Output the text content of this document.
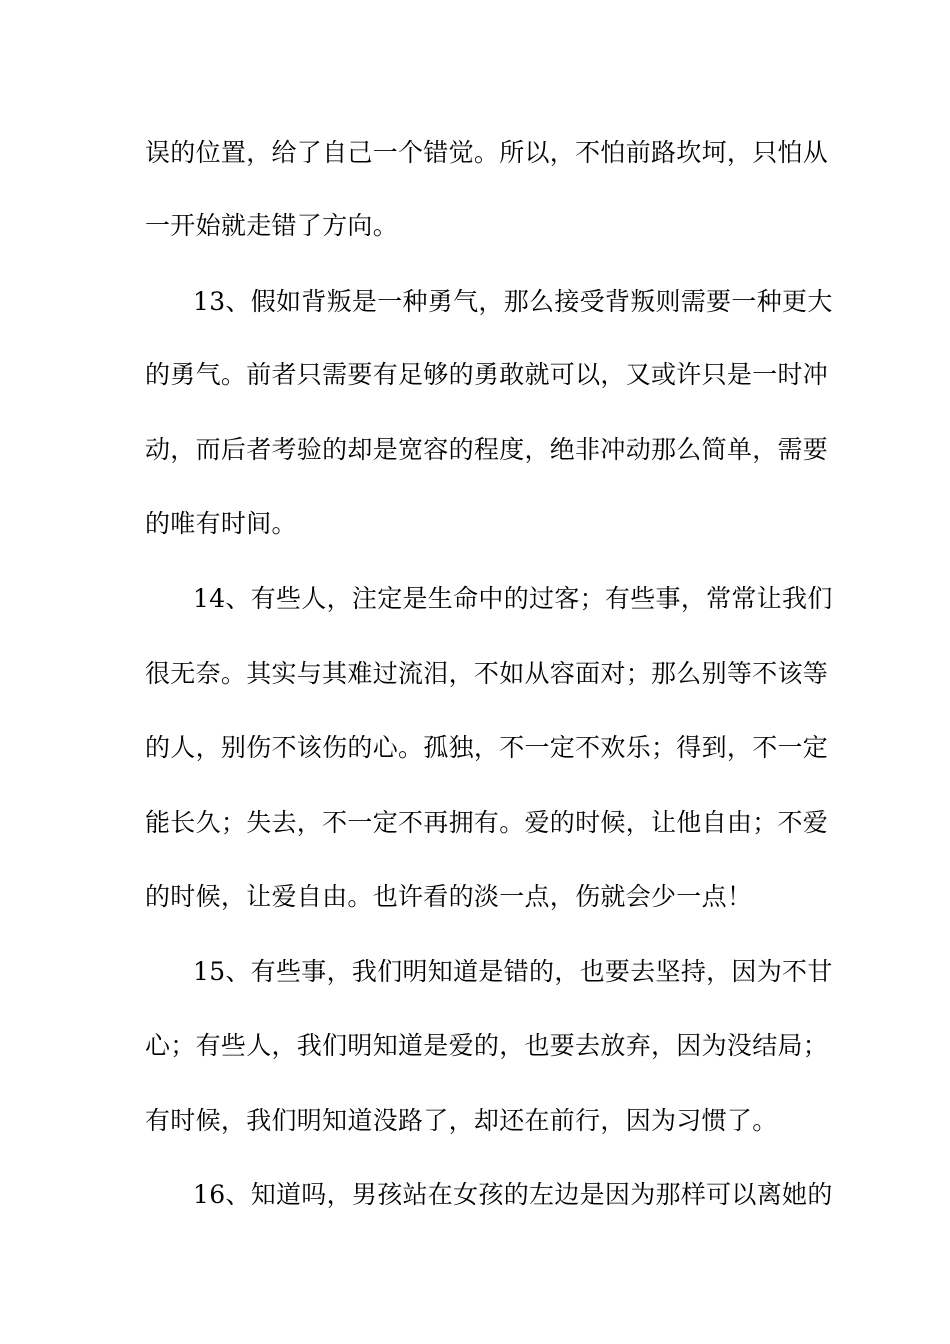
误的位置，给了自己一个错觉。所以，不怕前路坎坷，只怕从
一开始就走错了方向。
13、假如背叛是一种勇气，那么接受背叛则需要一种更大
的勇气。前者只需要有足够的勇敢就可以，又或许只是一时冲
动，而后者考验的却是宽容的程度，绝非冲动那么简单，需要
的唯有时间。
14、有些人，注定是生命中的过客；有些事，常常让我们
很无奈。其实与其难过流泪，不如从容面对；那么别等不该等
的人，别伤不该伤的心。孤独，不一定不欢乐；得到，不一定
能长久；失去，不一定不再拥有。爱的时候，让他自由；不爱
的时候，让爱自由。也许看的淡一点，伤就会少一点！
15、有些事，我们明知道是错的，也要去坚持，因为不甘
心；有些人，我们明知道是爱的，也要去放弃，因为没结局；
有时候，我们明知道没路了，却还在前行，因为习惯了。
16、知道吗，男孩站在女孩的左边是因为那样可以离她的
